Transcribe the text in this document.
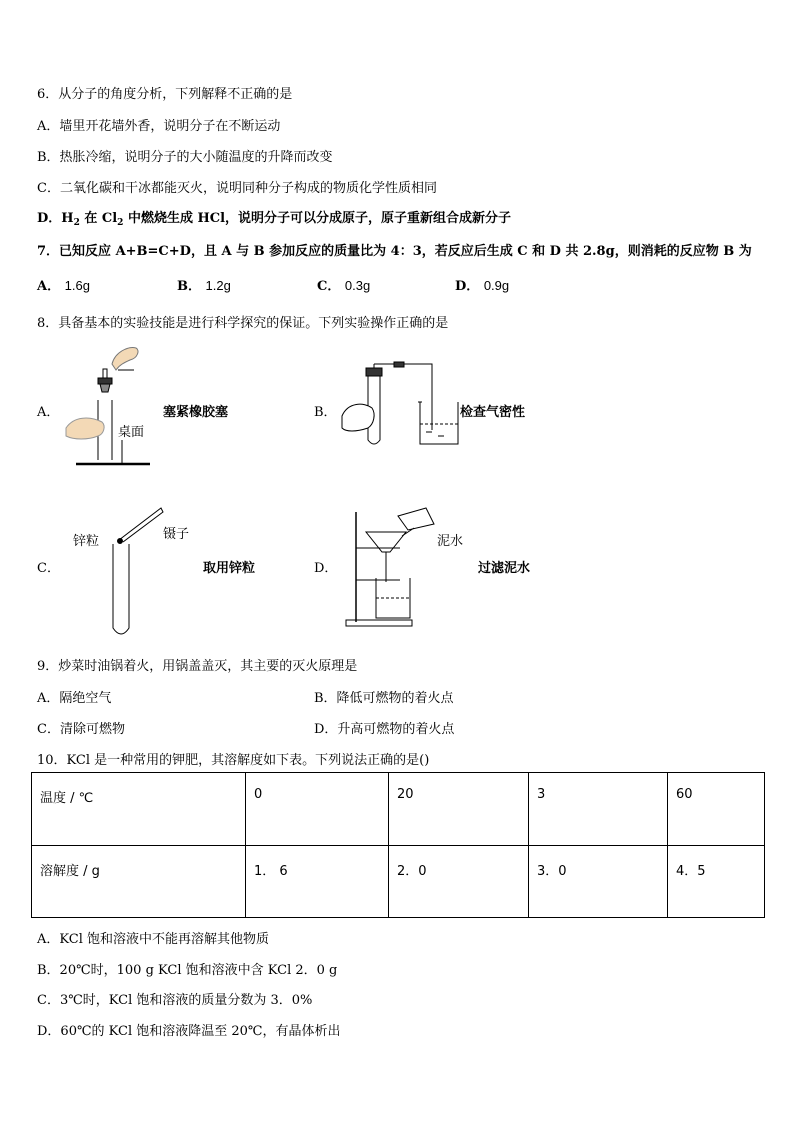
6．从分子的角度分析，下列解释不正确的是
A．墙里开花墙外香，说明分子在不断运动
B．热胀冷缩，说明分子的大小随温度的升降而改变
C．二氧化碳和干冰都能灭火，说明同种分子构成的物质化学性质相同
D．$H_2$ 在 $Cl_2$ 中燃烧生成 HCl，说明分子可以分成原子，原子重新组合成新分子
7．已知反应 A+B=C+D，且 A 与 B 参加反应的质量比为 4：3，若反应后生成 C 和 D 共 2.8g，则消耗的反应物 B 为
A． 1.6g	B． 1.2g	C． 0.3g	D． 0.9g
8．具备基本的实验技能是进行科学探究的保证。下列实验操作正确的是
A．
桌面
塞紧橡胶塞	B．	检查气密性
C．
锌粒	镊子
取用锌粒	D．
泥水
过滤泥水
9．炒菜时油锅着火，用锅盖盖灭，其主要的灭火原理是
A．隔绝空气	B．降低可燃物的着火点
C．清除可燃物	D．升高可燃物的着火点
10．KCl 是一种常用的钾肥，其溶解度如下表。下列说法正确的是()
温度 / ℃	0	20	3	60
溶解度 / g	1． 6	2．0	3．0	4．5
A．KCl 饱和溶液中不能再溶解其他物质
B．20℃时，100 g KCl 饱和溶液中含 KCl 2．0 g
C．3℃时，KCl 饱和溶液的质量分数为 3．0%
D．60℃的 KCl 饱和溶液降温至 20℃，有晶体析出
